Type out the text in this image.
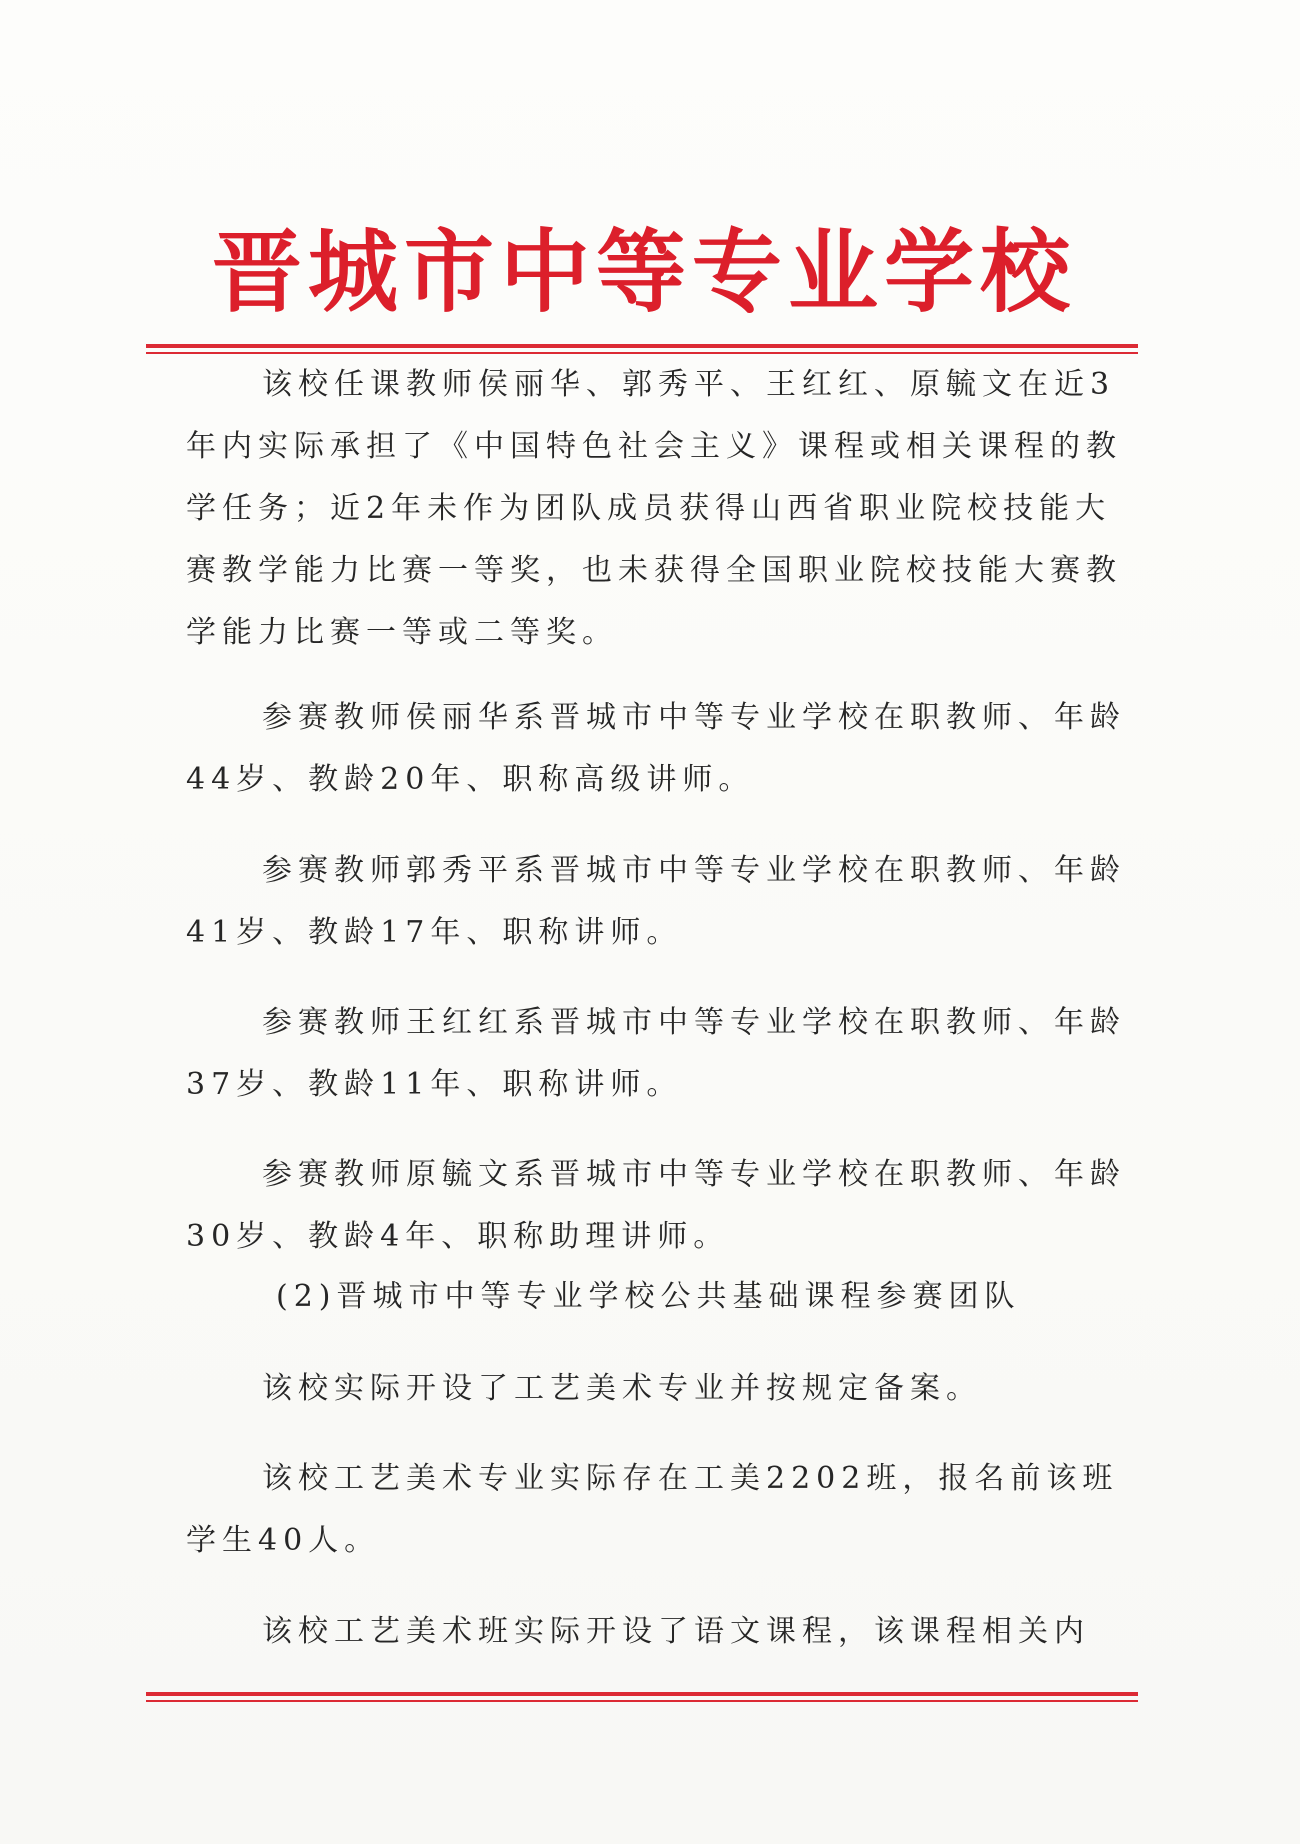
晋城市中等专业学校

该校任课教师侯丽华、郭秀平、王红红、原毓文在近3年内实际承担了《中国特色社会主义》课程或相关课程的教学任务；近2年未作为团队成员获得山西省职业院校技能大赛教学能力比赛一等奖，也未获得全国职业院校技能大赛教学能力比赛一等或二等奖。

参赛教师侯丽华系晋城市中等专业学校在职教师、年龄44岁、教龄20年、职称高级讲师。

参赛教师郭秀平系晋城市中等专业学校在职教师、年龄41岁、教龄17年、职称讲师。

参赛教师王红红系晋城市中等专业学校在职教师、年龄37岁、教龄11年、职称讲师。

参赛教师原毓文系晋城市中等专业学校在职教师、年龄30岁、教龄4年、职称助理讲师。

(2)晋城市中等专业学校公共基础课程参赛团队

该校实际开设了工艺美术专业并按规定备案。

该校工艺美术专业实际存在工美2202班，报名前该班学生40人。

该校工艺美术班实际开设了语文课程，该课程相关内
